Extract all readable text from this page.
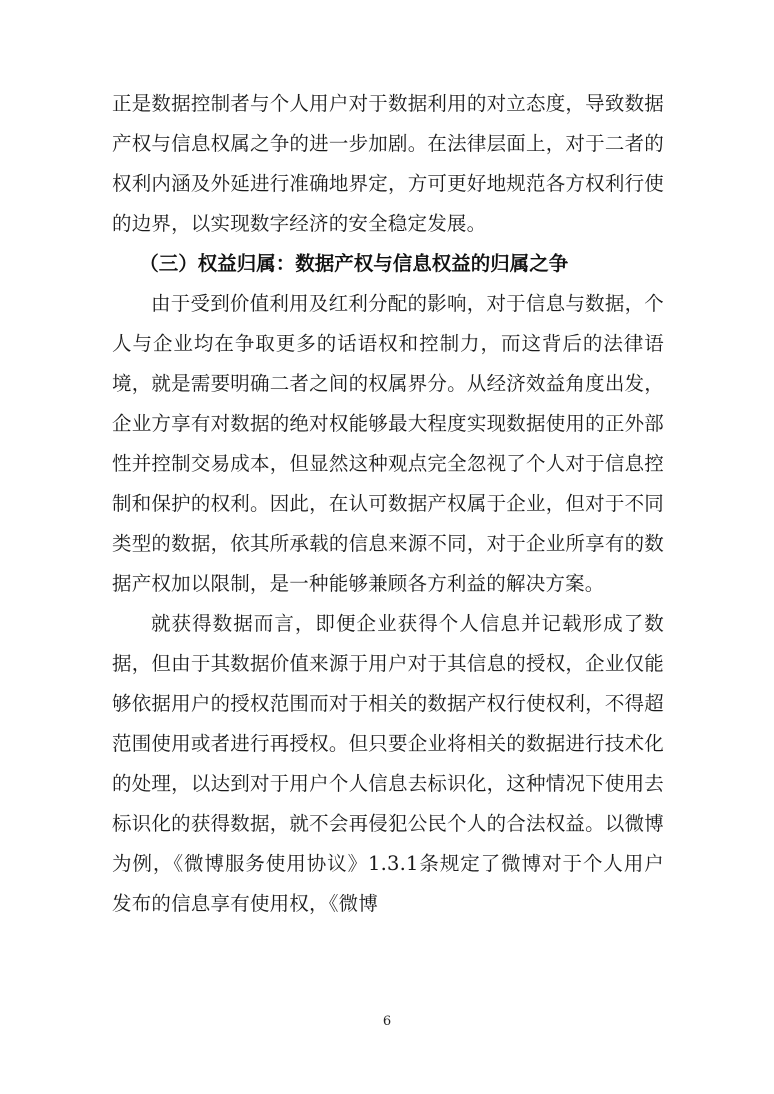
正是数据控制者与个人用户对于数据利用的对立态度，导致数据产权与信息权属之争的进一步加剧。在法律层面上，对于二者的权利内涵及外延进行准确地界定，方可更好地规范各方权利行使的边界，以实现数字经济的安全稳定发展。

（三）权益归属：数据产权与信息权益的归属之争

由于受到价值利用及红利分配的影响，对于信息与数据，个人与企业均在争取更多的话语权和控制力，而这背后的法律语境，就是需要明确二者之间的权属界分。从经济效益角度出发，企业方享有对数据的绝对权能够最大程度实现数据使用的正外部性并控制交易成本，但显然这种观点完全忽视了个人对于信息控制和保护的权利。因此，在认可数据产权属于企业，但对于不同类型的数据，依其所承载的信息来源不同，对于企业所享有的数据产权加以限制，是一种能够兼顾各方利益的解决方案。

就获得数据而言，即便企业获得个人信息并记载形成了数据，但由于其数据价值来源于用户对于其信息的授权，企业仅能够依据用户的授权范围而对于相关的数据产权行使权利，不得超范围使用或者进行再授权。但只要企业将相关的数据进行技术化的处理，以达到对于用户个人信息去标识化，这种情况下使用去标识化的获得数据，就不会再侵犯公民个人的合法权益。以微博为例，《微博服务使用协议》1.3.1条规定了微博对于个人用户发布的信息享有使用权，《微博

6
